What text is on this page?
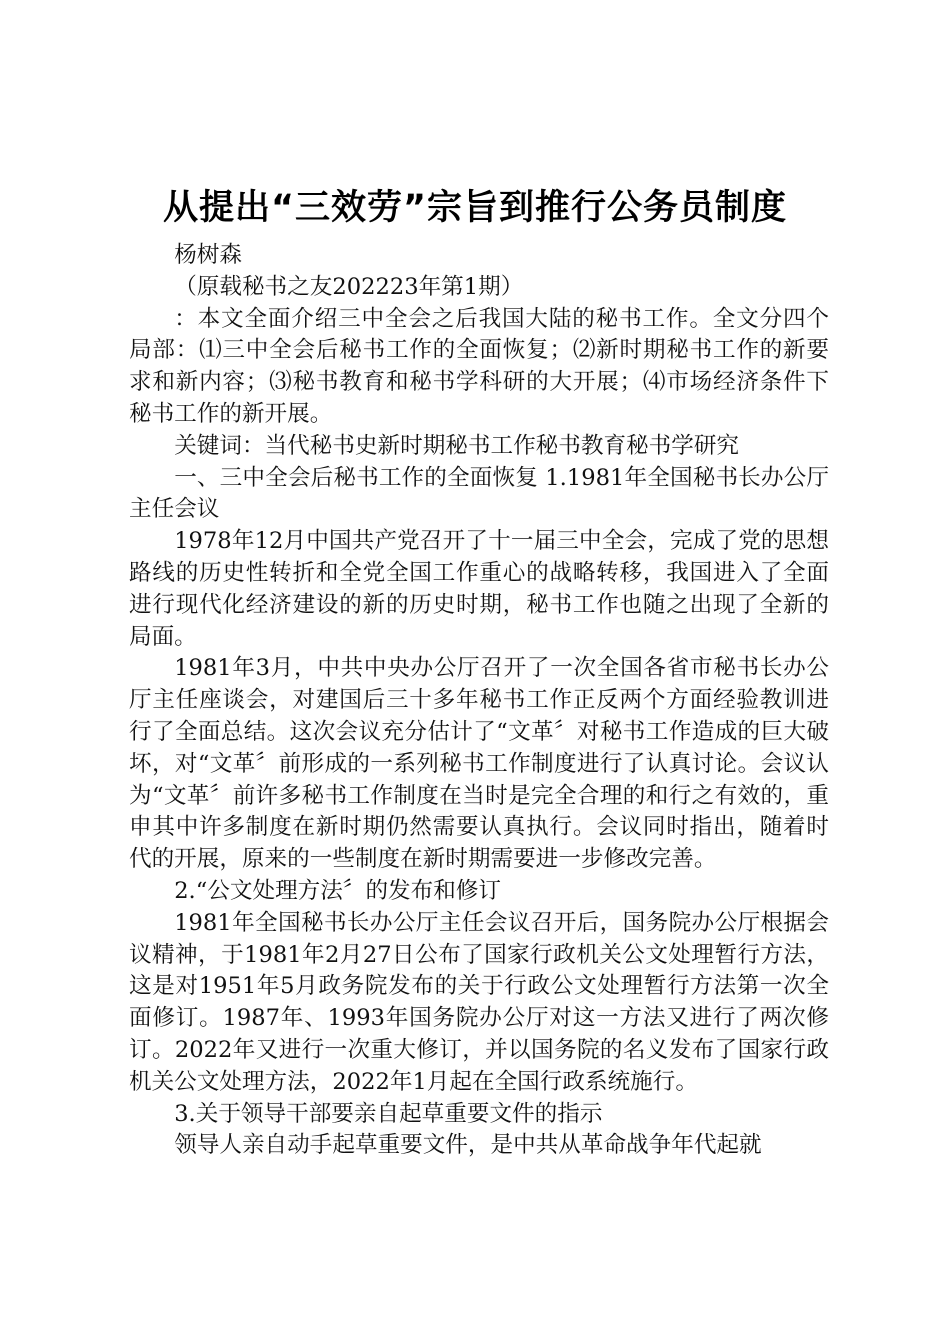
从提出“三效劳”宗旨到推行公务员制度

杨树森

（原载秘书之友202223年第1期）

：本文全面介绍三中全会之后我国大陆的秘书工作。全文分四个局部：⑴三中全会后秘书工作的全面恢复；⑵新时期秘书工作的新要求和新内容；⑶秘书教育和秘书学科研的大开展；⑷市场经济条件下秘书工作的新开展。

关键词：当代秘书史新时期秘书工作秘书教育秘书学研究

一、三中全会后秘书工作的全面恢复 1.1981年全国秘书长办公厅主任会议

1978年12月中国共产党召开了十一届三中全会，完成了党的思想路线的历史性转折和全党全国工作重心的战略转移，我国进入了全面进行现代化经济建设的新的历史时期，秘书工作也随之出现了全新的局面。

1981年3月，中共中央办公厅召开了一次全国各省市秘书长办公厅主任座谈会，对建国后三十多年秘书工作正反两个方面经验教训进行了全面总结。这次会议充分估计了“文革〞对秘书工作造成的巨大破坏，对“文革〞前形成的一系列秘书工作制度进行了认真讨论。会议认为“文革〞前许多秘书工作制度在当时是完全合理的和行之有效的，重申其中许多制度在新时期仍然需要认真执行。会议同时指出，随着时代的开展，原来的一些制度在新时期需要进一步修改完善。

2.“公文处理方法〞的发布和修订

1981年全国秘书长办公厅主任会议召开后，国务院办公厅根据会议精神，于1981年2月27日公布了国家行政机关公文处理暂行方法，这是对1951年5月政务院发布的关于行政公文处理暂行方法第一次全面修订。1987年、1993年国务院办公厅对这一方法又进行了两次修订。2022年又进行一次重大修订，并以国务院的名义发布了国家行政机关公文处理方法，2022年1月起在全国行政系统施行。

3.关于领导干部要亲自起草重要文件的指示

领导人亲自动手起草重要文件，是中共从革命战争年代起就
